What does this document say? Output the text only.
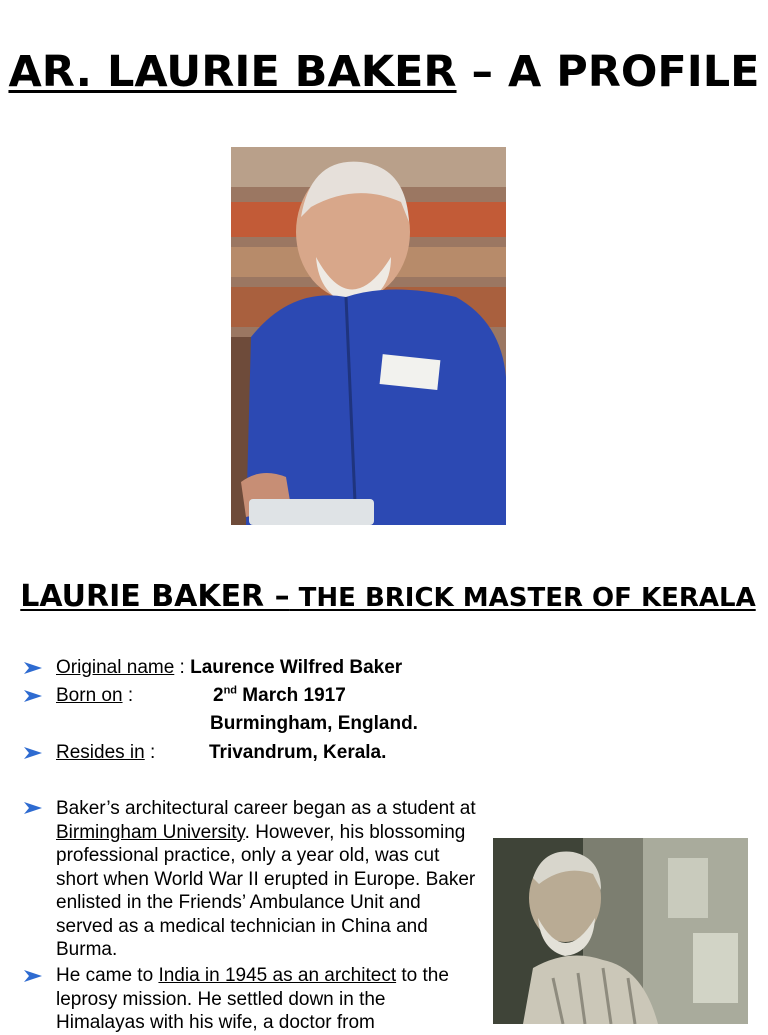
AR. LAURIE BAKER – A PROFILE
LAURIE BAKER – THE BRICK MASTER OF KERALA
Original name : Laurence Wilfred Baker
Born on :	2nd March 1917
Burmingham, England.
Resides in :	Trivandrum, Kerala.
Baker’s architectural career began as a student at Birmingham University. However, his blossoming professional practice, only a year old, was cut short when World War II erupted in Europe. Baker enlisted in the Friends’ Ambulance Unit and served as a medical technician in China and Burma.
He came to India in 1945 as an architect to the leprosy mission. He settled down in the Himalayas with his wife, a doctor from
